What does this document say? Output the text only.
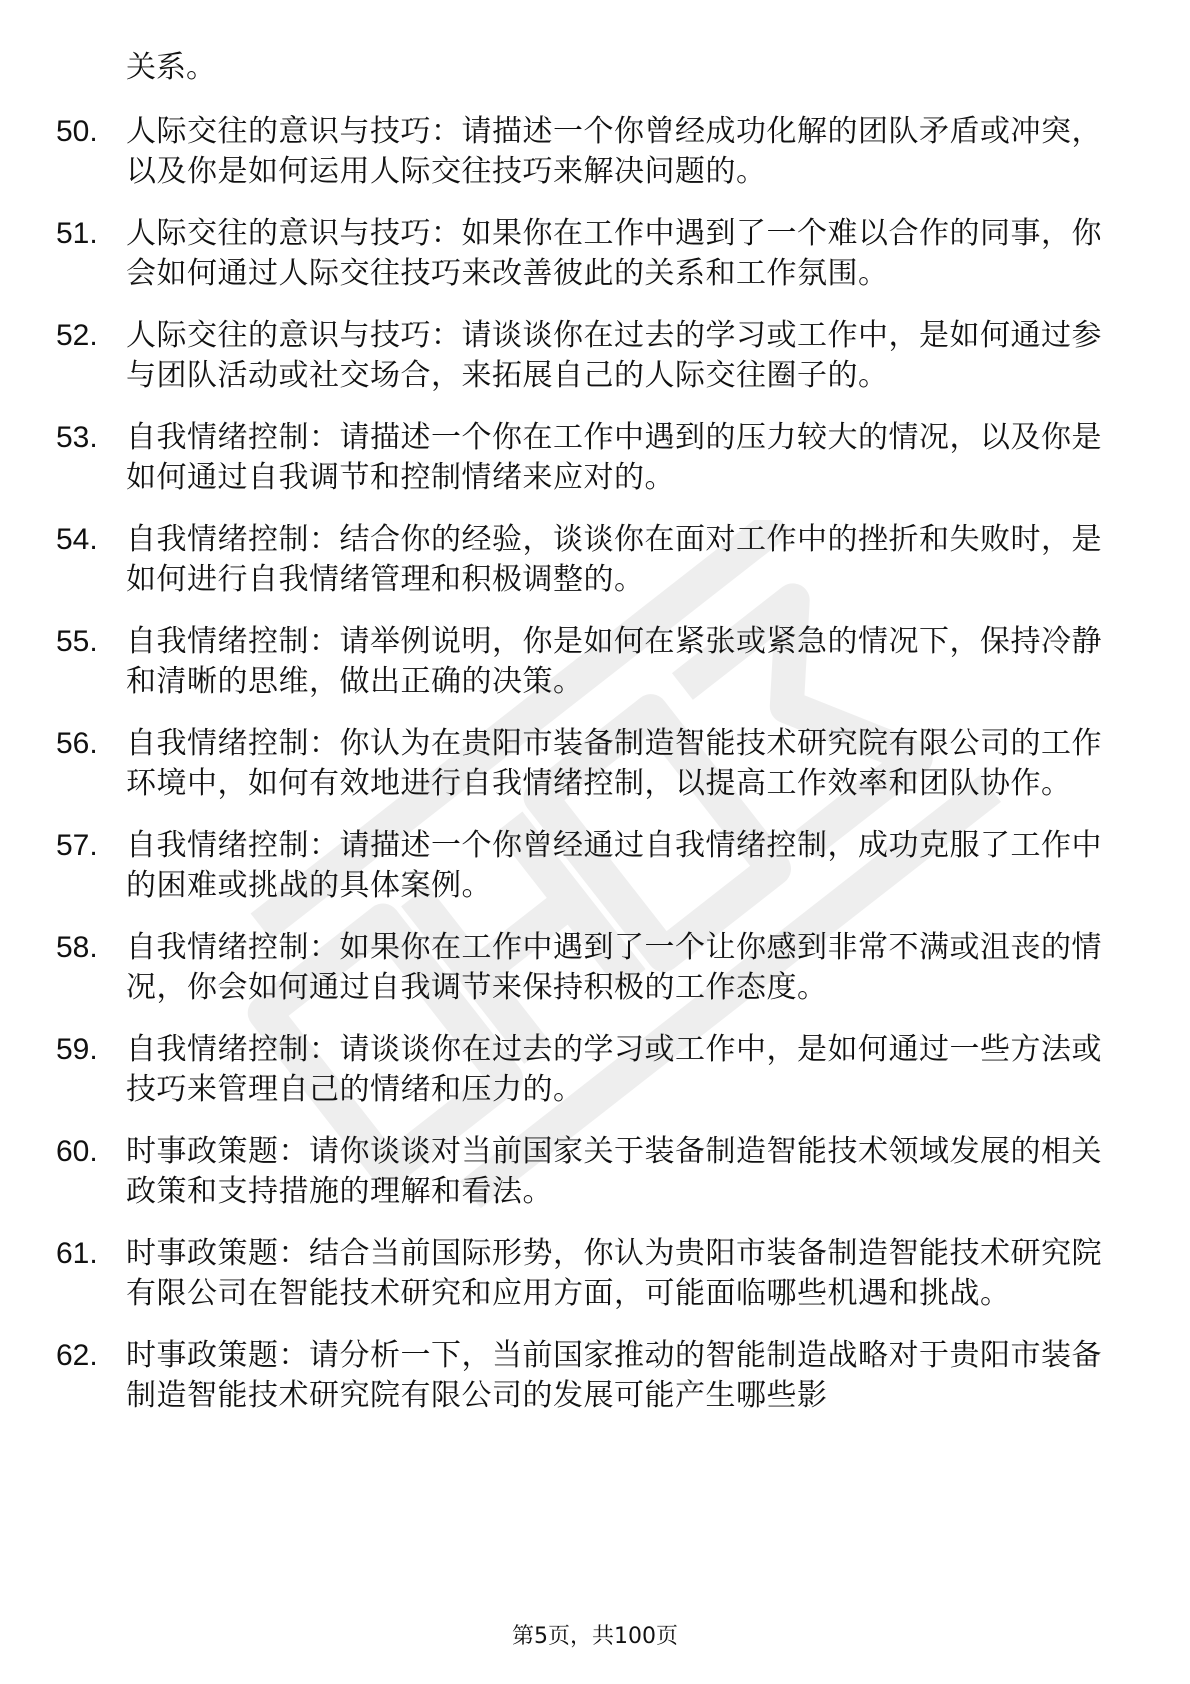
关系。
50. 人际交往的意识与技巧：请描述一个你曾经成功化解的团队矛盾或冲突，以及你是如何运用人际交往技巧来解决问题的。
51. 人际交往的意识与技巧：如果你在工作中遇到了一个难以合作的同事，你会如何通过人际交往技巧来改善彼此的关系和工作氛围。
52. 人际交往的意识与技巧：请谈谈你在过去的学习或工作中，是如何通过参与团队活动或社交场合，来拓展自己的人际交往圈子的。
53. 自我情绪控制：请描述一个你在工作中遇到的压力较大的情况，以及你是如何通过自我调节和控制情绪来应对的。
54. 自我情绪控制：结合你的经验，谈谈你在面对工作中的挫折和失败时，是如何进行自我情绪管理和积极调整的。
55. 自我情绪控制：请举例说明，你是如何在紧张或紧急的情况下，保持冷静和清晰的思维，做出正确的决策。
56. 自我情绪控制：你认为在贵阳市装备制造智能技术研究院有限公司的工作环境中，如何有效地进行自我情绪控制，以提高工作效率和团队协作。
57. 自我情绪控制：请描述一个你曾经通过自我情绪控制，成功克服了工作中的困难或挑战的具体案例。
58. 自我情绪控制：如果你在工作中遇到了一个让你感到非常不满或沮丧的情况，你会如何通过自我调节来保持积极的工作态度。
59. 自我情绪控制：请谈谈你在过去的学习或工作中，是如何通过一些方法或技巧来管理自己的情绪和压力的。
60. 时事政策题：请你谈谈对当前国家关于装备制造智能技术领域发展的相关政策和支持措施的理解和看法。
61. 时事政策题：结合当前国际形势，你认为贵阳市装备制造智能技术研究院有限公司在智能技术研究和应用方面，可能面临哪些机遇和挑战。
62. 时事政策题：请分析一下，当前国家推动的智能制造战略对于贵阳市装备制造智能技术研究院有限公司的发展可能产生哪些影
第5页，共100页
